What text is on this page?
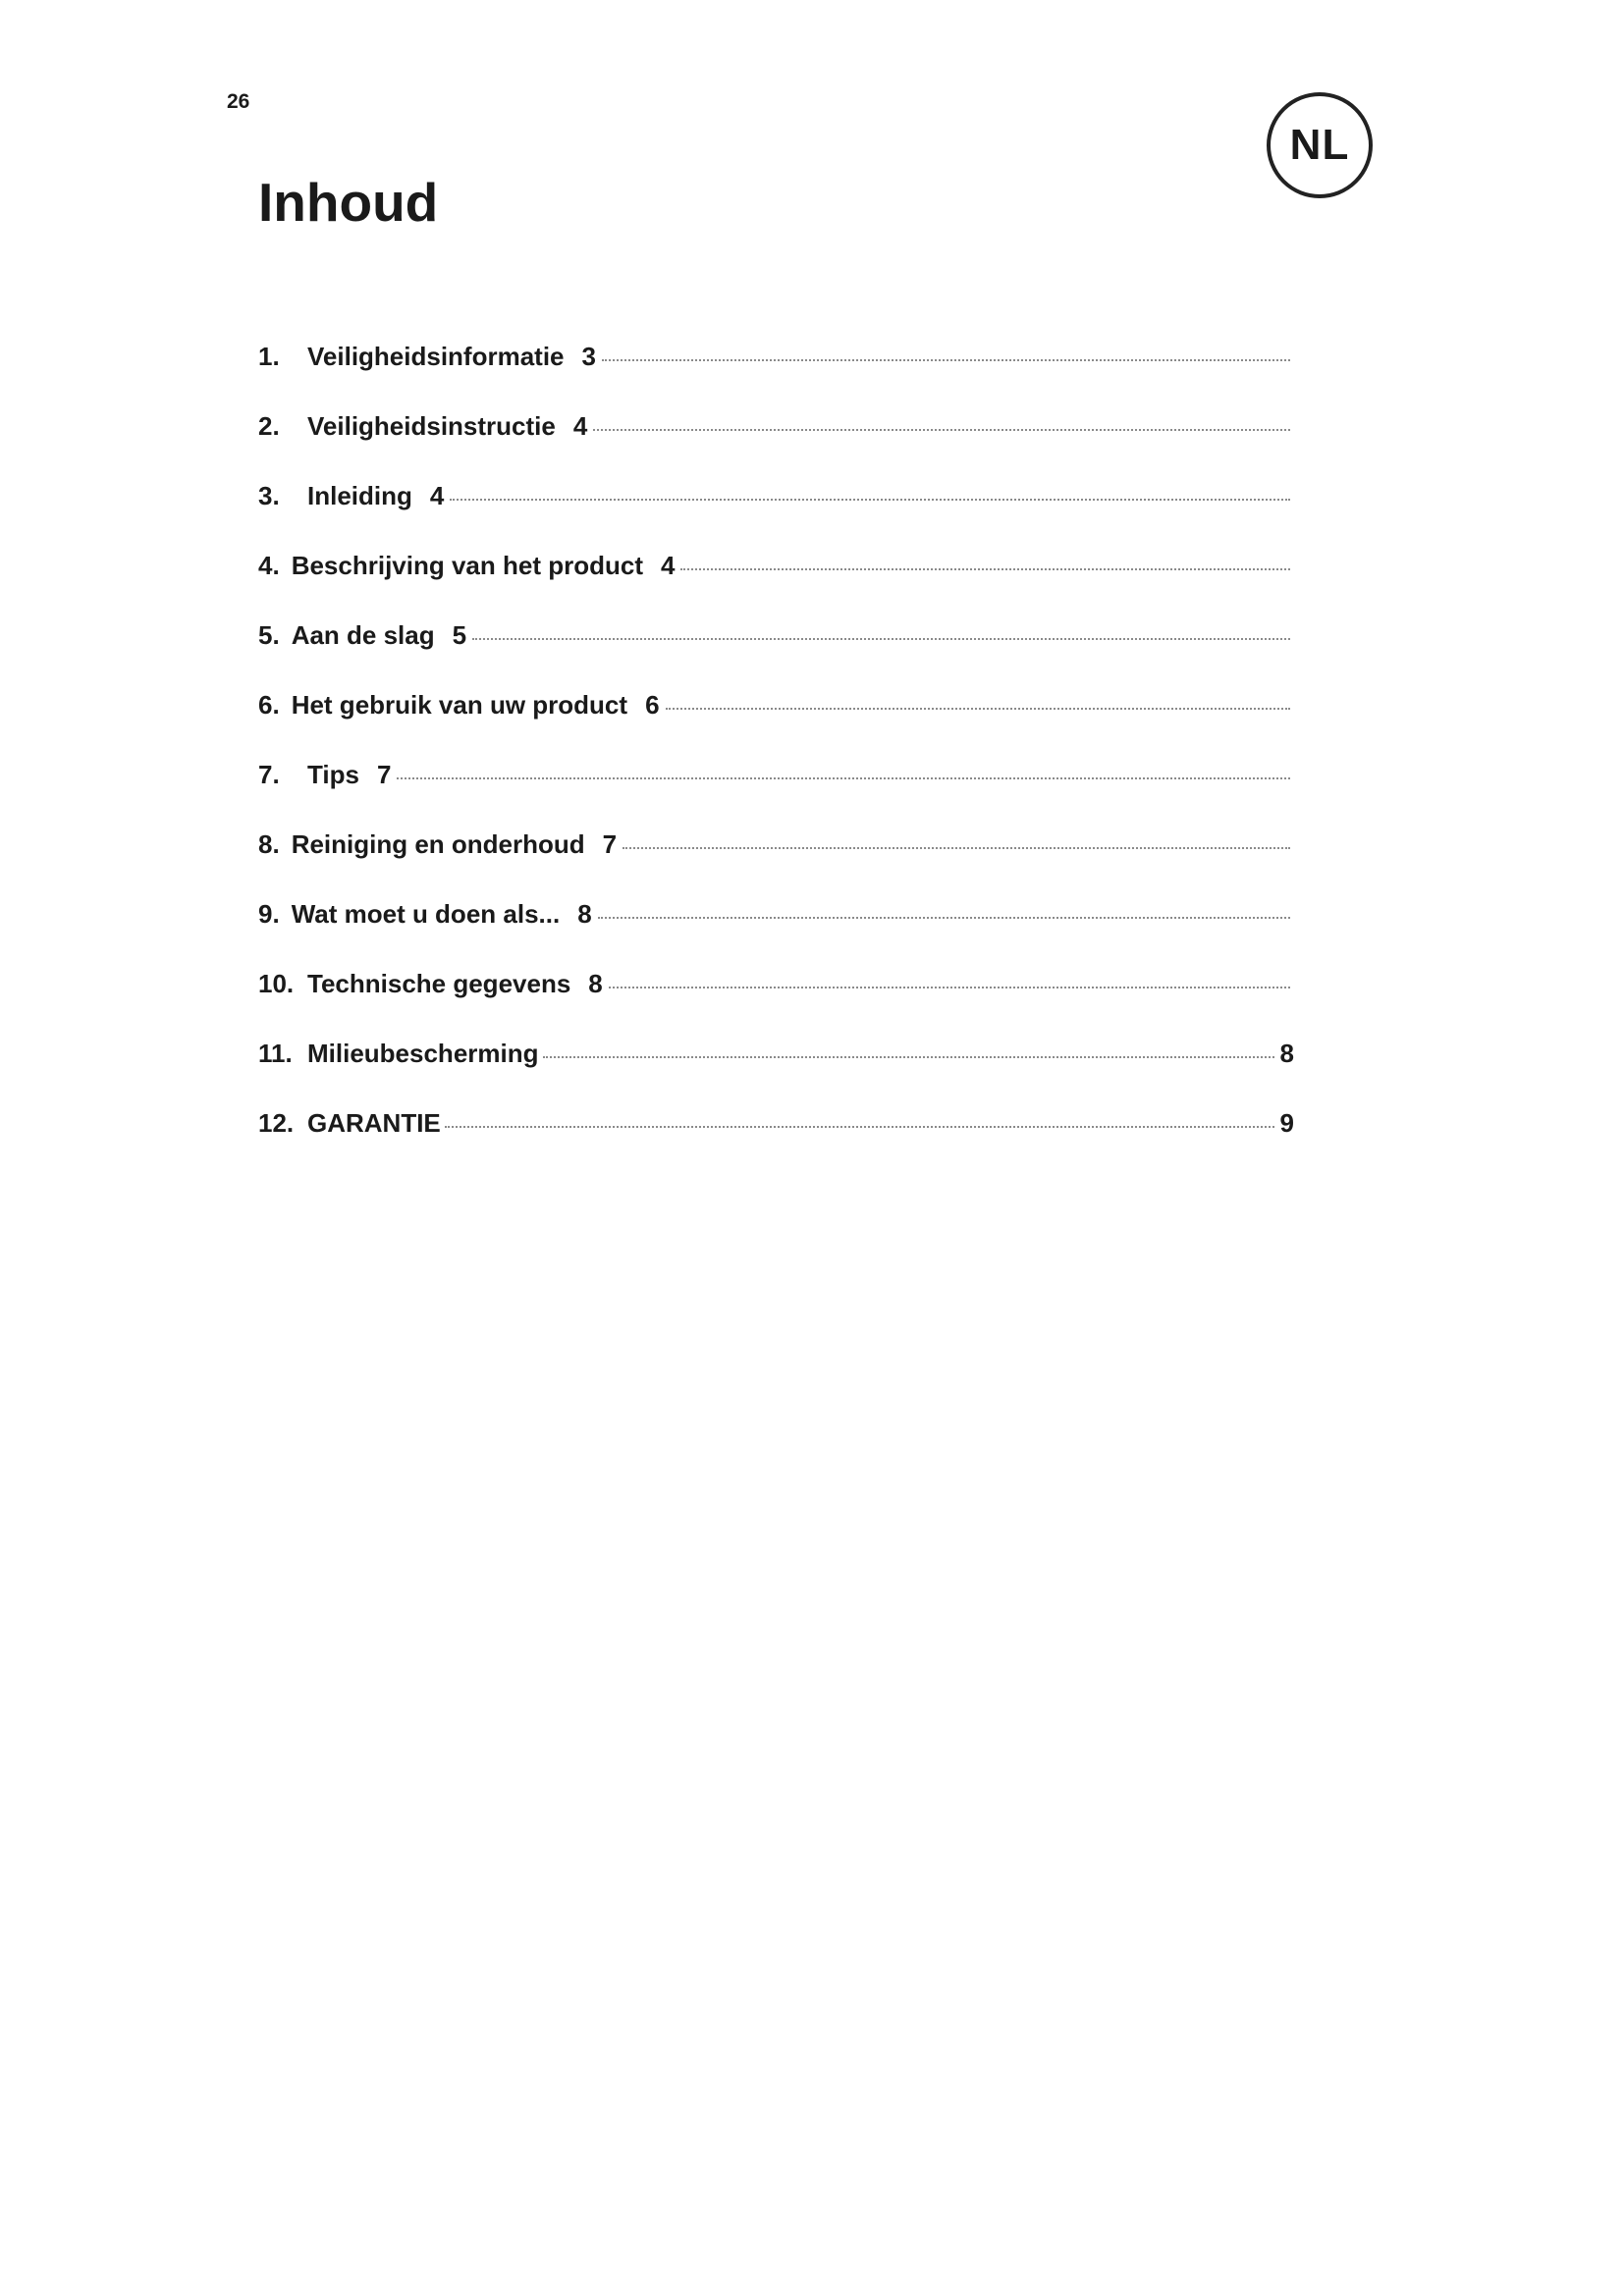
26
NL
Inhoud
1.	Veiligheidsinformatie 3
2.	Veiligheidsinstructie 4
3.	Inleiding 4
4. Beschrijving van het product 4
5. Aan de slag 5
6. Het gebruik van uw product 6
7.	Tips 7
8. Reiniging en onderhoud 7
9. Wat moet u doen als... 8
10. Technische gegevens 8
11. Milieubescherming	8
12. GARANTIE	9
